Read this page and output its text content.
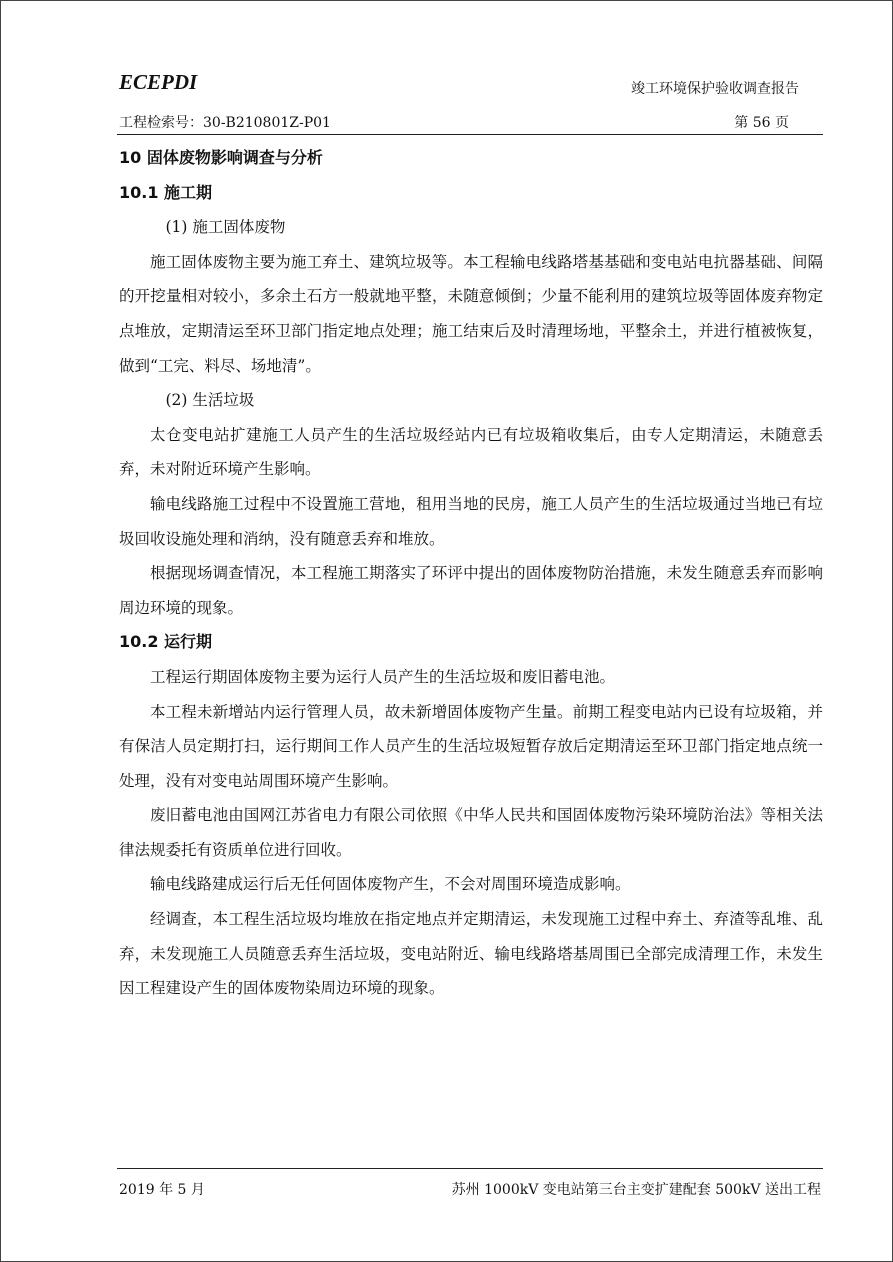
ECEPDI	竣工环境保护验收调查报告
工程检索号：30-B210801Z-P01	第 56 页
10 固体废物影响调查与分析
10.1 施工期

(1) 施工固体废物

施工固体废物主要为施工弃土、建筑垃圾等。本工程输电线路塔基基础和变电站电抗器基础、间隔的开挖量相对较小，多余土石方一般就地平整，未随意倾倒；少量不能利用的建筑垃圾等固体废弃物定点堆放，定期清运至环卫部门指定地点处理；施工结束后及时清理场地，平整余土，并进行植被恢复，做到“工完、料尽、场地清”。

(2) 生活垃圾

太仓变电站扩建施工人员产生的生活垃圾经站内已有垃圾箱收集后，由专人定期清运，未随意丢弃，未对附近环境产生影响。

输电线路施工过程中不设置施工营地，租用当地的民房，施工人员产生的生活垃圾通过当地已有垃圾回收设施处理和消纳，没有随意丢弃和堆放。

根据现场调查情况，本工程施工期落实了环评中提出的固体废物防治措施，未发生随意丢弃而影响周边环境的现象。

10.2 运行期

工程运行期固体废物主要为运行人员产生的生活垃圾和废旧蓄电池。

本工程未新增站内运行管理人员，故未新增固体废物产生量。前期工程变电站内已设有垃圾箱，并有保洁人员定期打扫，运行期间工作人员产生的生活垃圾短暂存放后定期清运至环卫部门指定地点统一处理，没有对变电站周围环境产生影响。

废旧蓄电池由国网江苏省电力有限公司依照《中华人民共和国固体废物污染环境防治法》等相关法律法规委托有资质单位进行回收。

输电线路建成运行后无任何固体废物产生，不会对周围环境造成影响。

经调查，本工程生活垃圾均堆放在指定地点并定期清运，未发现施工过程中弃土、弃渣等乱堆、乱弃，未发现施工人员随意丢弃生活垃圾，变电站附近、输电线路塔基周围已全部完成清理工作，未发生因工程建设产生的固体废物染周边环境的现象。

2019 年 5 月	苏州 1000kV 变电站第三台主变扩建配套 500kV 送出工程
